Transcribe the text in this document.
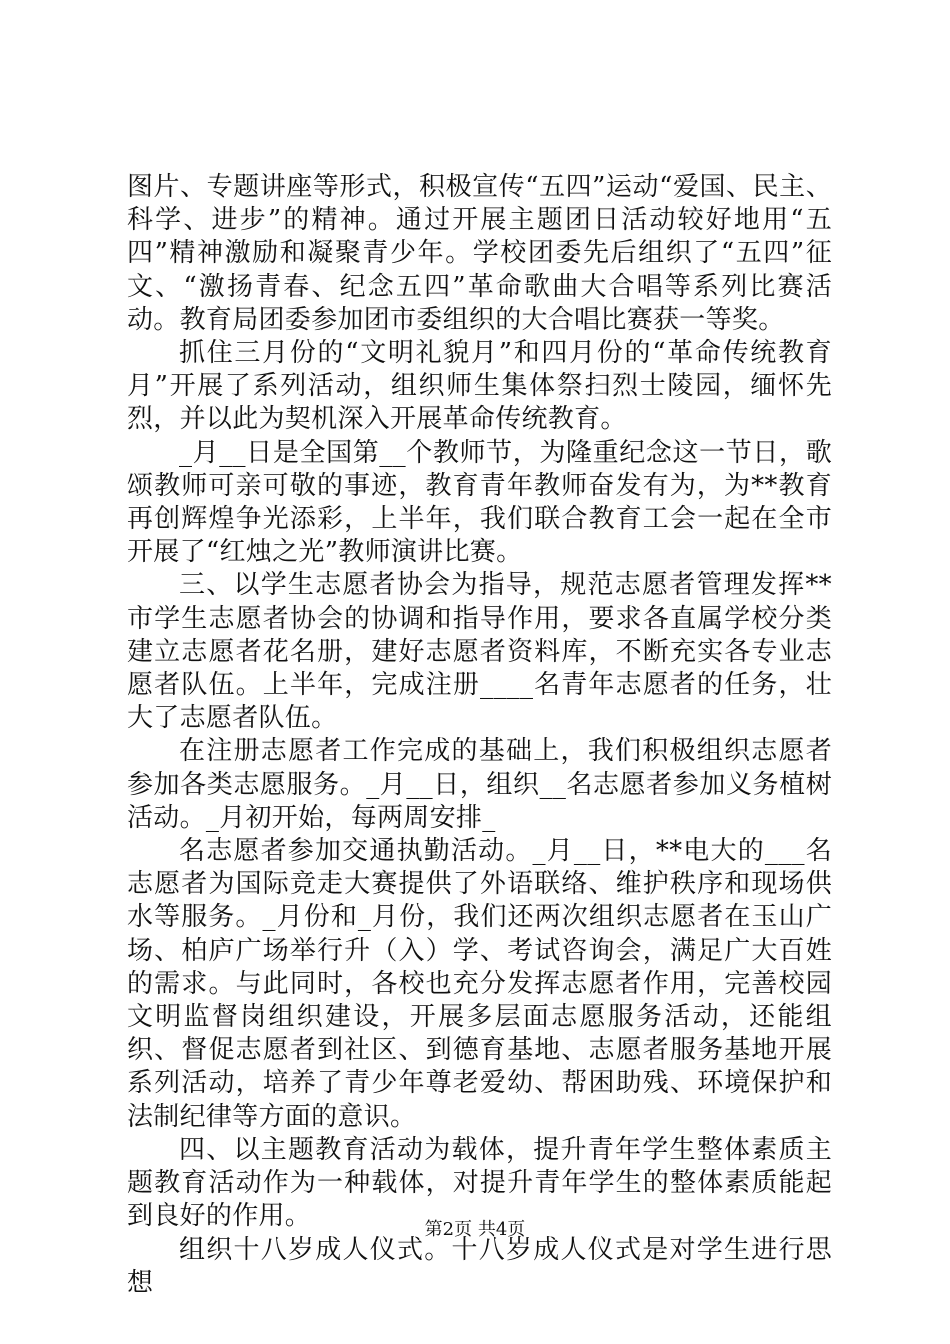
图片、专题讲座等形式，积极宣传“五四”运动“爱国、民主、科学、进步”的精神。通过开展主题团日活动较好地用“五四”精神激励和凝聚青少年。学校团委先后组织了“五四”征文、“激扬青春、纪念五四”革命歌曲大合唱等系列比赛活动。教育局团委参加团市委组织的大合唱比赛获一等奖。

抓住三月份的“文明礼貌月”和四月份的“革命传统教育月”开展了系列活动，组织师生集体祭扫烈士陵园，缅怀先烈，并以此为契机深入开展革命传统教育。

_月__日是全国第__个教师节，为隆重纪念这一节日，歌颂教师可亲可敬的事迹，教育青年教师奋发有为，为**教育再创辉煌争光添彩，上半年，我们联合教育工会一起在全市开展了“红烛之光”教师演讲比赛。

三、以学生志愿者协会为指导，规范志愿者管理发挥**市学生志愿者协会的协调和指导作用，要求各直属学校分类建立志愿者花名册，建好志愿者资料库，不断充实各专业志愿者队伍。上半年，完成注册____名青年志愿者的任务，壮大了志愿者队伍。

在注册志愿者工作完成的基础上，我们积极组织志愿者参加各类志愿服务。_月__日，组织__名志愿者参加义务植树活动。_月初开始，每两周安排_

名志愿者参加交通执勤活动。_月__日，**电大的___名志愿者为国际竞走大赛提供了外语联络、维护秩序和现场供水等服务。_月份和_月份，我们还两次组织志愿者在玉山广场、柏庐广场举行升（入）学、考试咨询会，满足广大百姓的需求。与此同时，各校也充分发挥志愿者作用，完善校园文明监督岗组织建设，开展多层面志愿服务活动，还能组织、督促志愿者到社区、到德育基地、志愿者服务基地开展系列活动，培养了青少年尊老爱幼、帮困助残、环境保护和法制纪律等方面的意识。

四、以主题教育活动为载体，提升青年学生整体素质主题教育活动作为一种载体，对提升青年学生的整体素质能起到良好的作用。

组织十八岁成人仪式。十八岁成人仪式是对学生进行思想

第2页 共4页
